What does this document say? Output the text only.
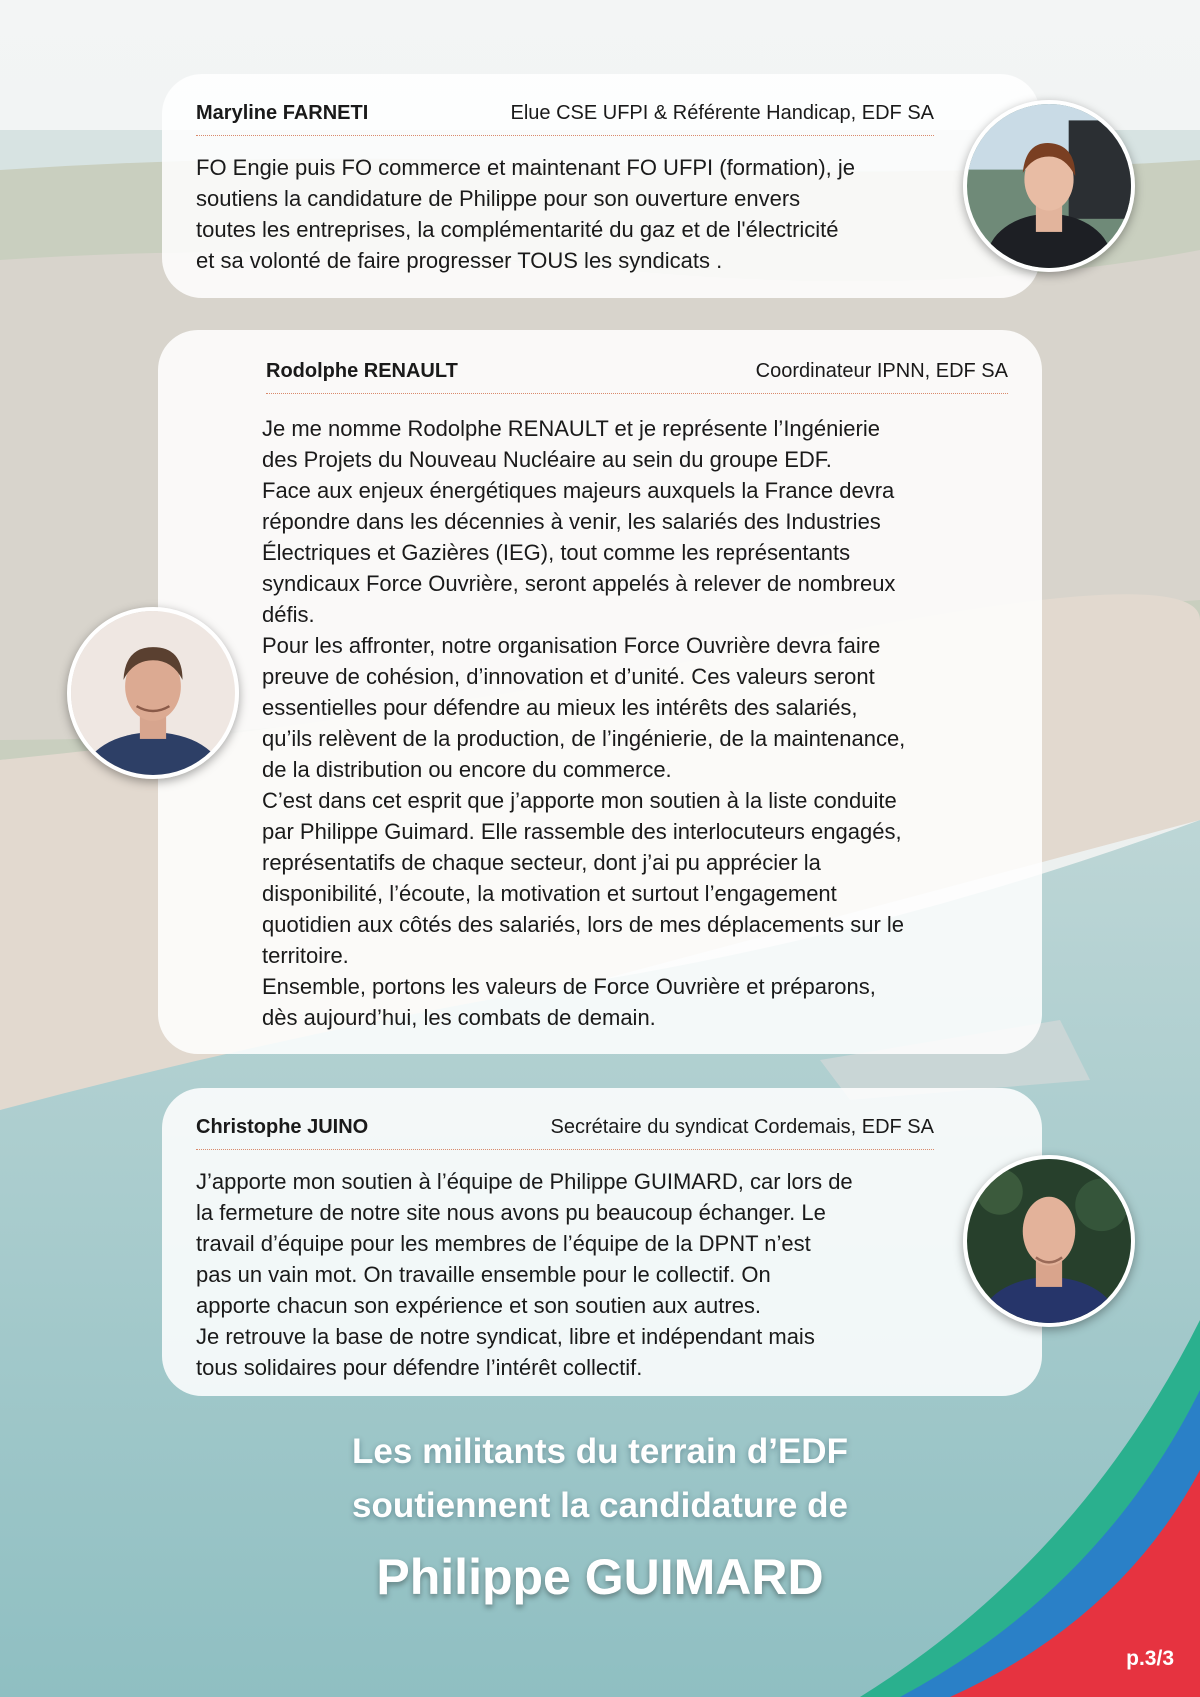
Maryline FARNETI	Elue CSE UFPI & Référente Handicap, EDF SA

FO Engie puis FO commerce et maintenant FO UFPI (formation), je

soutiens la candidature de Philippe pour son ouverture envers

toutes les entreprises, la complémentarité du gaz et de l'électricité

et sa volonté de faire progresser TOUS les syndicats .

Rodolphe RENAULT	Coordinateur IPNN, EDF SA

Je me nomme Rodolphe RENAULT et je représente l’Ingénierie

des Projets du Nouveau Nucléaire au sein du groupe EDF.

Face aux enjeux énergétiques majeurs auxquels la France devra

répondre dans les décennies à venir, les salariés des Industries

Électriques et Gazières (IEG), tout comme les représentants

syndicaux Force Ouvrière, seront appelés à relever de nombreux

défis.

Pour les affronter, notre organisation Force Ouvrière devra faire

preuve de cohésion, d’innovation et d’unité. Ces valeurs seront

essentielles pour défendre au mieux les intérêts des salariés,

qu’ils relèvent de la production, de l’ingénierie, de la maintenance,

de la distribution ou encore du commerce.

C’est dans cet esprit que j’apporte mon soutien à la liste conduite

par Philippe Guimard. Elle rassemble des interlocuteurs engagés,

représentatifs de chaque secteur, dont j’ai pu apprécier la

disponibilité, l’écoute, la motivation et surtout l’engagement

quotidien aux côtés des salariés, lors de mes déplacements sur le

territoire.

Ensemble, portons les valeurs de Force Ouvrière et préparons,

dès aujourd’hui, les combats de demain.

Christophe JUINO	Secrétaire du syndicat Cordemais, EDF SA

J’apporte mon soutien à l’équipe de Philippe GUIMARD, car lors de

la fermeture de notre site nous avons pu beaucoup échanger. Le

travail d’équipe pour les membres de l’équipe de la DPNT n’est

pas un vain mot. On travaille ensemble pour le collectif. On

apporte chacun son expérience et son soutien aux autres.

Je retrouve la base de notre syndicat, libre et indépendant mais

tous solidaires pour défendre l’intérêt collectif.

Les militants du terrain d’EDF
soutiennent la candidature de
Philippe GUIMARD
p.3/3
